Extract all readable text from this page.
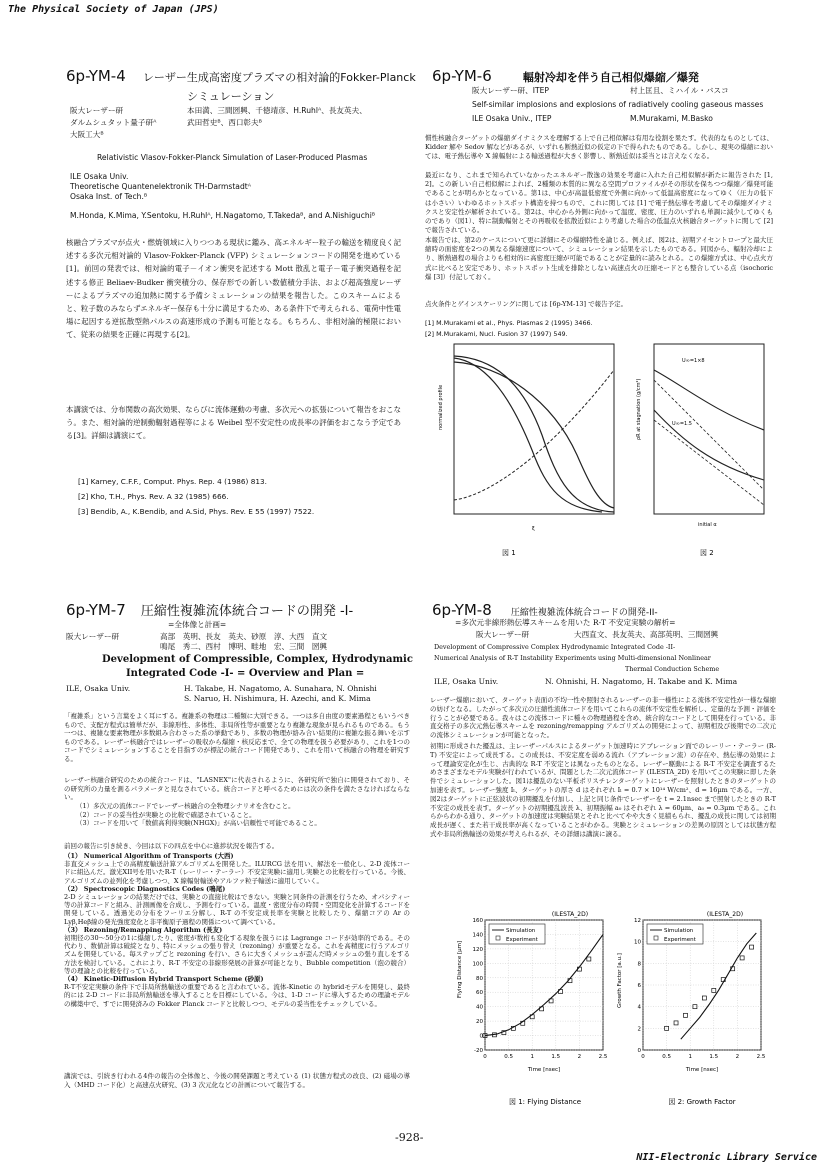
The Physical Society of Japan (JPS)
NII-Electronic Library Service
-928-
6p-YM-4 レーザー生成高密度プラズマの相対論的Fokker-Planck
シミュレーション
阪大レーザー研
ダルムシュタット量子研ᴬ
大阪工大ᴮ
本田満、三間圀興、千徳靖彦、H.Ruhlᴬ、長友英夫、
武田哲史ᴮ、西口彰夫ᴮ
Relativistic Vlasov-Fokker-Planck Simulation of Laser-Produced Plasmas
ILE Osaka Univ.
Theoretische Quantenelektronik TH-Darmstadtᴬ
Osaka Inst. of Tech.ᴮ
M.Honda, K.Mima, Y.Sentoku, H.Ruhlᴬ, H.Nagatomo, T.Takedaᴮ, and A.Nishiguchiᴮ
核融合プラズマが点火・燃焼領域に入りつつある現状に鑑み、高エネルギー粒子の輸送を精度良く記述する多次元相対論的 Vlasov-Fokker-Planck (VFP) シミュレーションコードの開発を進めている[1]。前回の発表では、相対論的電子－イオン衝突を記述する Mott 散乱と電子－電子衝突過程を記述する修正 Beliaev-Budker 衝突積分の、保存形での新しい数値積分手法、および超高強度レーザーによるプラズマの追加熱に関する予備シミュレーションの結果を報告した。このスキームによると、粒子数のみならずエネルギー保存も十分に満足するため、ある条件下で考えられる、電荷中性電場に起因する逆拡散型熱パルスの高速形成の予測も可能となる。もちろん、非相対論的極限において、従来の結果を正確に再現する[2]。
本講演では、分布関数の高次効果、ならびに流体運動の考慮、多次元への拡張について報告をおこなう。また、相対論的逆制動輻射過程等による Weibel 型不安定性の成長率の評価をおこなう予定である[3]。詳細は講演にて。
[1] Karney, C.F.F., Comput. Phys. Rep. 4 (1986) 813.
[2] Kho, T.H., Phys. Rev. A 32 (1985) 666.
[3] Bendib, A., K.Bendib, and A.Sid, Phys. Rev. E 55 (1997) 7522.
6p-YM-6	輻射冷却を伴う自己相似爆縮／爆発
阪大レーザー研、ITEP	村上匡且、ミハイル・バスコ
Self-similar implosions and explosions of radiatively cooling gaseous masses
ILE Osaka Univ., ITEP	M.Murakami, M.Basko
慣性核融合ターゲットの爆縮ダイナミクスを理解する上で自己相似解は有用な役割を果たす。代表的なものとしては、Kidder 解や Sedov 解などがあるが、いずれも断熱近似の仮定の下で得られたものである。しかし、現実の爆縮においては、電子熱伝導や X 線輻射による輸送過程が大きく影響し、断熱近似は妥当とは言えなくなる。
最近になり、これまで知られていなかったエネルギー散逸の効果を考慮に入れた自己相似解が新たに報告された [1, 2]。この新しい自己相似解によれば、2種類の本質的に異なる空間プロファイルがその形状を保ちつつ爆縮／爆発可能であることが明らかとなっている。第1は、中心が高温低密度で外側に向かって低温高密度になってゆく（圧力の低下は小さい）いわゆるホットスポット構造を持つもので、これに関しては [1] で電子熱伝導を考慮してその爆縮ダイナミクスと安定性が解析されている。第2は、中心から外側に向かって温度、密度、圧力のいずれも単調に減少してゆくものであり（図1）、特に制動輻射とその再吸収を拡散近似により考慮した場合の低温点火核融合ターゲットに関して [2] で報告されている。
本報告では、第2のケースについて更に詳細にその爆縮特性を論じる。例えば、図2は、初期アイセントロープと最大圧縮時の面密度を2つの異なる爆縮速度について、シミュレーション結果を示したものである。同図から、輻射冷却により、断熱過程の場合よりも相対的に高密度圧縮が可能であることが定量的に読みとれる。この爆縮方式は、中心点火方式に比べると安定であり、ホットスポット生成を排除としない高速点火の圧縮モードとも整合している点（isochoric 爆 [3]）付記しておく。
点火条件とゲインスケーリングに関しては [6p-YM-13] で報告予定。
[1] M.Murakami et al., Phys. Plasmas 2 (1995) 3466.
[2] M.Murakami, Nucl. Fusion 37 (1997) 549.
normalized profile
図 1
ξ
ρR at stagnation (g/cm²)
U∞=1×8
U∞=1.5
initial α
図 2
6p-YM-7 圧縮性複雑流体統合コードの開発 -I-
=全体像と計画=
阪大レーザー研	高部　英明、長友　英夫、砂原　淳、大西　直文
鳴尾　秀二、西村　博明、畦地　宏、三間　圀興
Development of Compressible, Complex, Hydrodynamic
Integrated Code -I- = Overview and Plan =
ILE, Osaka Univ.	H. Takabe, H. Nagatomo, A. Sunahara, N. Ohnishi
S. Naruo, H. Nishimura, H. Azechi, and K. Mima
「複雑系」という言葉をよく耳にする。複雑系の物理は二種類に大別できる。一つは多自由度の要素過程ともいうべきもので、支配方程式は簡単だが、非線形性、多体性、非局所性等が重要となり複雑な現象が見られるものである。もう一つは、複雑な要素物理が多数組み合わさった系の挙動であり、多数の物理が絡み合い結果的に複雑な振る舞いを示すものである。レーザー核融合ではレーザーの吸収から爆縮・核反応まで、全ての物理を扱う必要があり、これを1つのコードでシミュレーションすることを目指すのが標記の統合コード開発であり、これを用いて核融合の物理を研究する。
レーザー核融合研究のための統合コードは、"LASNEX"に代表されるように、各研究所で独自に開発されており、その研究所の力量を測るパラメータと見なされている。統合コードと呼べるためには次の条件を満たさなければならない。
（1）多次元の流体コードでレーザー核融合の全物理シナリオを含むこと。
（2）コードの妥当性が実験との比較で確認されていること。
（3）コードを用いて「数値高利得実験(NHGX)」が高い信頼性で可能であること。
前回の報告に引き続き、今回は以下の四点を中心に進捗状況を報告する。
（1） Numerical Algorithm of Transports (大西)
非直交メッシュ上での高精度輸送計算アルゴリズムを開発した。ILURCG 法を用い、解法を一般化し、2-D 流体コードに組込んだ。激光XII号を用いたR-T（レーリー・テーラー）不安定実験に適用し実験との比較を行っている。今後、アルゴリズムの並列化を考慮しつつ、X 線輻射輸送やアルファ粒子輸送に適用していく。
（2） Spectroscopic Diagnostics Codes (鳴尾)
2-D シミュレーションの結果だけでは、実験との直接比較はできない。実験と同条件の計測を行うため、オパシティー等の計算コードと組み、計測画像を合成し、予測を行っている。温度・密度分布の時間・空間変化を計算するコードを開発している。透過光の分布をフーリエ分解し、R-T の不安定成長率を実験と比較したり、爆縮コアの Ar の Lyβ,Heβ線の発光強度変化と非平衡原子過程の関係について調べている。
（3） Rezoning/Remapping Algorithm (長友)
初期径の30～50分の1に爆縮したり、密度が数桁も変化する現象を扱うには Lagrange コードが効率的である。その代わり、数値計算は破綻となり、特にメッシュの張り替え（rezoning）が重要となる。これを高精度に行うアルゴリズムを開発している。毎ステップごと rezoning を行い、さらに大きくメッシュが歪んだ時メッシュの張り直しをする方法を検討している。これにより、R-T 不安定の非線形発展の計算が可能となり、Bubble competition（泡の競合）等の理論との比較を行っている。
（4） Kinetic-Diffusion Hybrid Transport Scheme (砂原)
R-T不安定実験の条件下で非局所熱輸送の重要であると言われている。流体-Kinetic の hybridモデルを開発し、最終的には 2-D コードに非局所熱輸送を導入することを目標にしている。今は、1-D コードに導入するための理論モデルの構築中で、すでに開発済みの Fokker Planck コードと比較しつつ、モデルの妥当性をチェックしている。
講演では、引続き行われる4件の報告の全体像と、今後の開発課題と考えている (1) 状態方程式の改良、(2) 磁場の導入（MHD コード化）と高速点火研究、(3) 3 次元化などの計画について報告する。
6p-YM-8 圧縮性複雑流体統合コードの開発-II-
=多次元非線形熱伝導スキームを用いた R-T 不安定実験の解析=
阪大レーザー研	大西直文、長友英夫、高部英明、三間圀興
Development of Compressive Complex Hydrodynamic Integrated Code -II-
Numerical Analysis of R-T Instability Experiments using Multi-dimensional Nonlinear
Thermal Conduction Scheme
ILE, Osaka Univ.	N. Ohnishi, H. Nagatomo, H. Takabe and K. Mima
レーザー爆縮において、ターゲット表面の不均一性や照射されるレーザーの非一様性による流体不安定性が一様な爆縮の妨げとなる。したがって多次元の圧縮性流体コードを用いてこれらの流体不安定性を解析し、定量的な予測・評価を行うことが必要である。我々はこの流体コードに種々の物理過程を含め、統合的なコードとして開発を行っている。非直交格子の多次元熱伝導スキームを rezoning/remapping アルゴリズムの開発によって、初期相及び後期での二次元の流体シミュレーションが可能となった。
初期に形成された擾乱は、主レーザーパルスによるターゲット加速時にアブレーション面でのレーリー・テーラー (R-T) 不安定によって成長する。この成長は、不安定度を弱める流れ（アブレーション流）の存在や、熱伝導の効果によって理論安定化が生じ、古典的な R-T 不安定とは異なったものとなる。レーザー駆動による R-T 不安定を調査するためさまざまなモデル実験が行われているが、問題とした二次元流体コード (ILESTA_2D) を用いてこの実験に即した条件でシミュレーションした。図1は擾乱のない平板ポリスチレンターゲットにレーザーを照射したときのターゲットの加速を表す。レーザー強度 Iₗ、ターゲットの厚さ d はそれぞれ Iₗ = 0.7 × 10¹⁴ W/cm²、d = 16µm である。一方、図2はターゲットに正弦波状の初期擾乱を付加し、上記と同じ条件でレーザーを t = 2.1nsec まで照射したときの R-T 不安定の成長を表す。ターゲットの初期擾乱波長 λ、初期振幅 a₀ はそれぞれ λ = 60µm、a₀ = 0.3µm である。これらからわかる通り、ターゲットの加速度は実験結果とそれと比べてやや大きく見積もられ、擾乱の成長に関しては初期成長が遅く、また若干成長率が高くなっていることがわかる。実験とシミュレーションの差異の原因としては状態方程式や非局所熱輸送の効果が考えられるが、その詳細は講演に譲る。
(ILESTA_2D)
-20
0
20
40
60
80
100
120
140
160
0	0.5	1	1.5	2	2.5
Simulation
Experiment
Flying Distance [µm]
Time [nsec]
図 1: Flying Distance
(ILESTA_2D)
0
2
4
6
8
10
12
0	0.5	1	1.5	2	2.5
Simulation
Experiment
Growth Factor [a.u.]
Time [nsec]
図 2: Growth Factor
